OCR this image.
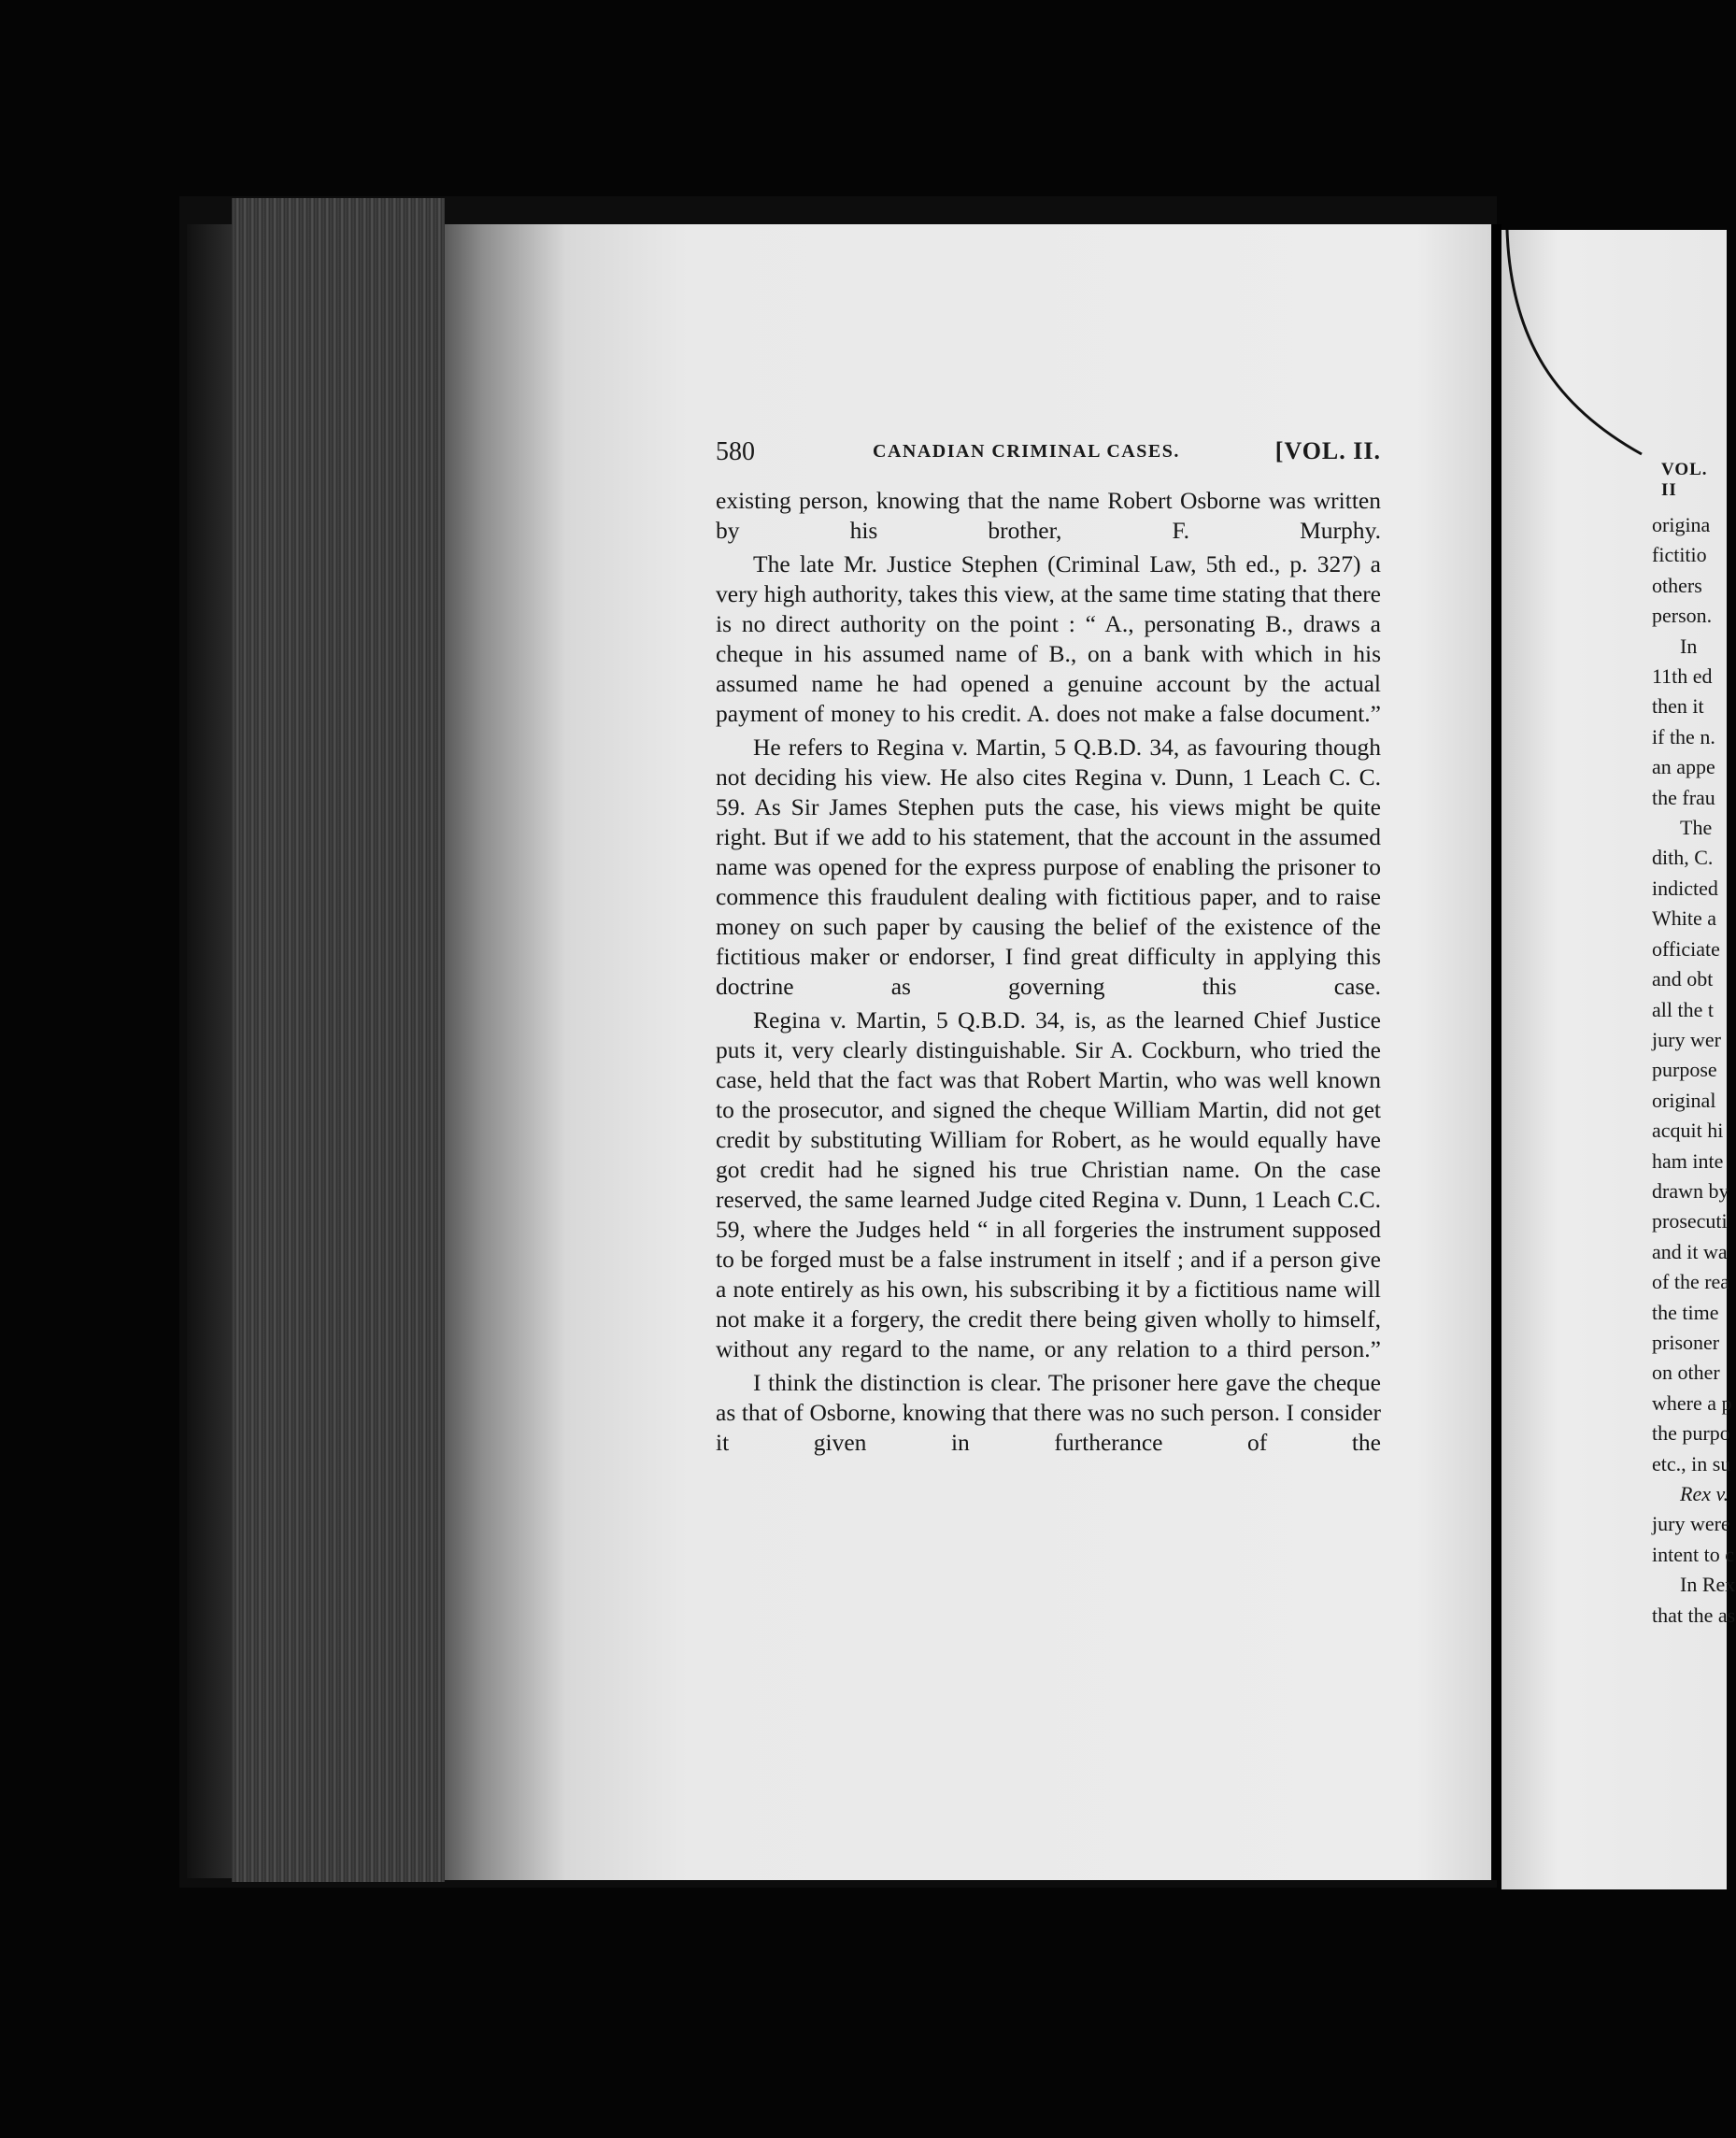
580	CANADIAN CRIMINAL CASES.	[VOL. II.

existing person, knowing that the name Robert Osborne was written by his brother, F. Murphy.

The late Mr. Justice Stephen (Criminal Law, 5th ed., p. 327) a very high authority, takes this view, at the same time stating that there is no direct authority on the point : “ A., personating B., draws a cheque in his assumed name of B., on a bank with which in his assumed name he had opened a genuine account by the actual payment of money to his credit. A. does not make a false document.”

He refers to Regina v. Martin, 5 Q.B.D. 34, as favouring though not deciding his view. He also cites Regina v. Dunn, 1 Leach C. C. 59. As Sir James Stephen puts the case, his views might be quite right. But if we add to his statement, that the account in the assumed name was opened for the express purpose of enabling the prisoner to commence this fraudulent dealing with fictitious paper, and to raise money on such paper by causing the belief of the existence of the fictitious maker or endorser, I find great difficulty in applying this doctrine as governing this case.

Regina v. Martin, 5 Q.B.D. 34, is, as the learned Chief Justice puts it, very clearly distinguishable. Sir A. Cockburn, who tried the case, held that the fact was that Robert Martin, who was well known to the prosecutor, and signed the cheque William Martin, did not get credit by substituting William for Robert, as he would equally have got credit had he signed his true Christian name. On the case reserved, the same learned Judge cited Regina v. Dunn, 1 Leach C.C. 59, where the Judges held “ in all forgeries the instrument supposed to be forged must be a false instrument in itself ; and if a person give a note entirely as his own, his subscribing it by a fictitious name will not make it a forgery, the credit there being given wholly to himself, without any regard to the name, or any relation to a third person.”

I think the distinction is clear. The prisoner here gave the cheque as that of Osborne, knowing that there was no such person. I consider it given in furtherance of the

VOL. II
origina
fictitio
others
person.
In
11th ed
then it
if the n.
an appe
the frau
The
dith, C.
indicted
White a
officiate
and obt
all the t
jury wer
purpose
original
acquit hi
ham inte
drawn by
prosecuti
and it wa
of the rea
the time
prisoner
on other
where a p
the purpo
etc., in su
Rex v.
jury were
intent to c
In Rex
that the as
